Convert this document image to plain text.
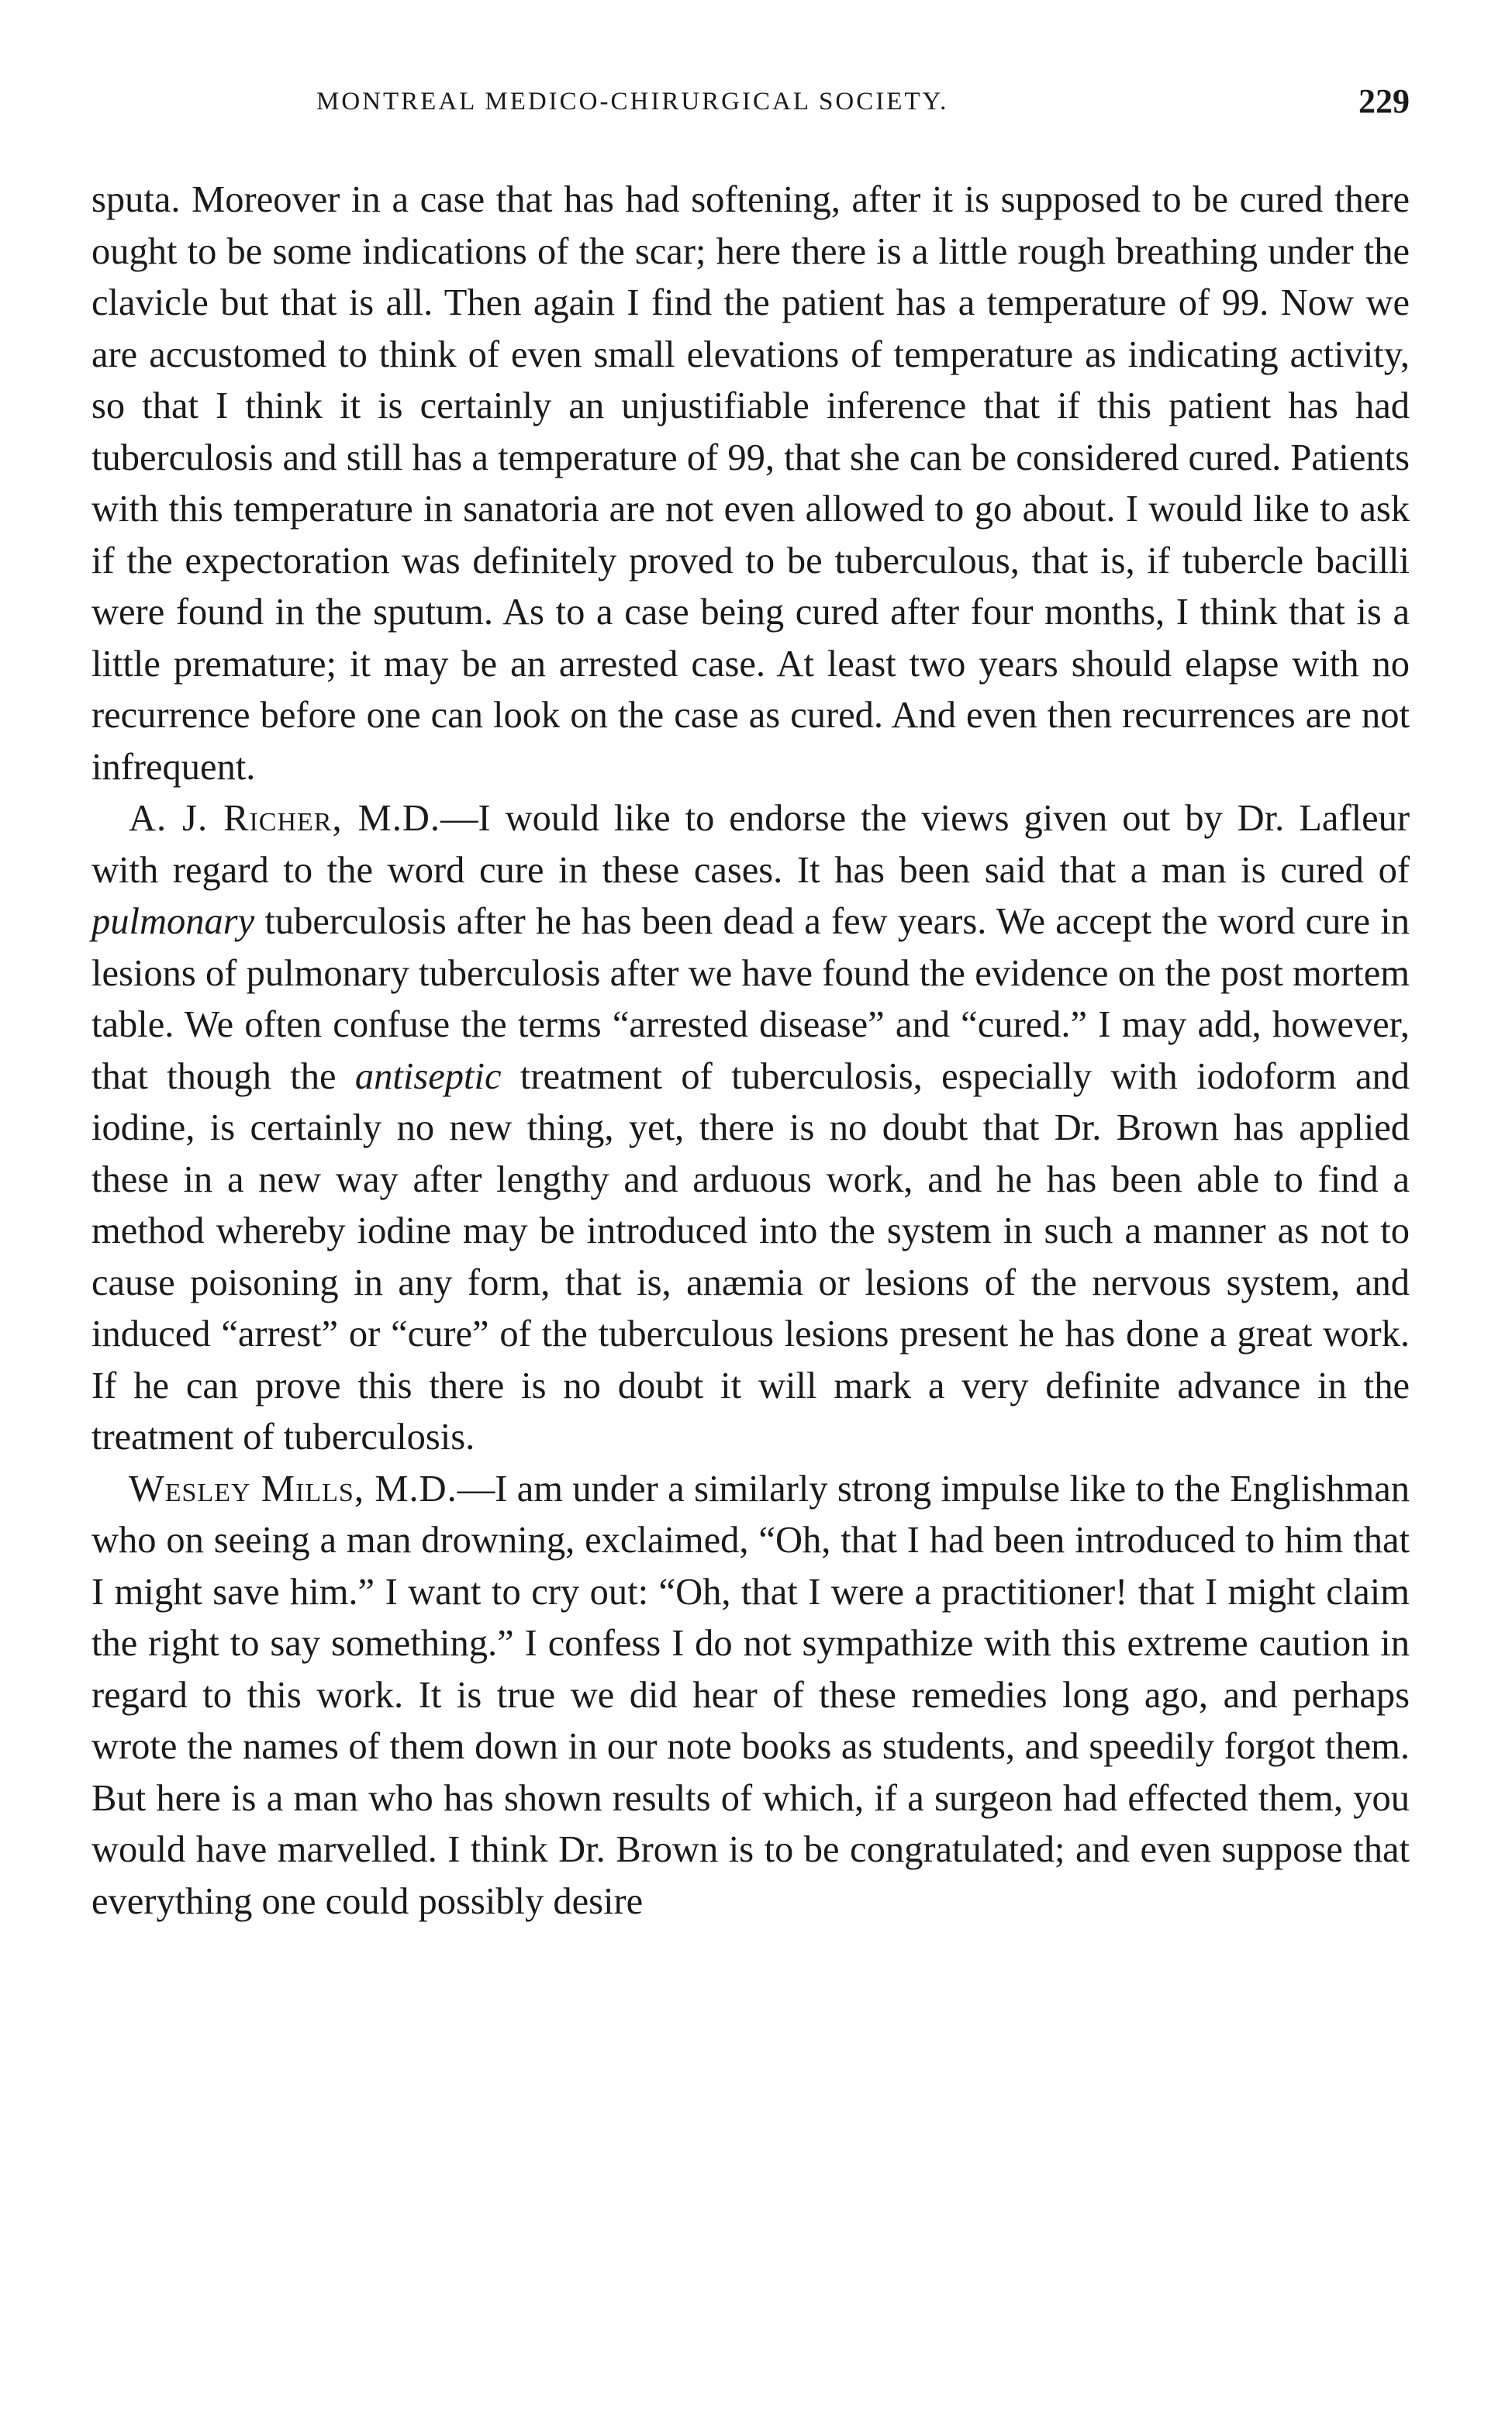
MONTREAL MEDICO-CHIRURGICAL SOCIETY.	229

sputa. Moreover in a case that has had softening, after it is supposed to be cured there ought to be some indications of the scar; here there is a little rough breathing under the clavicle but that is all. Then again I find the patient has a temperature of 99. Now we are accustomed to think of even small elevations of temperature as indicating activity, so that I think it is certainly an unjustifiable inference that if this patient has had tuberculosis and still has a temperature of 99, that she can be considered cured. Patients with this temperature in sanatoria are not even allowed to go about. I would like to ask if the expectoration was definitely proved to be tuberculous, that is, if tubercle bacilli were found in the sputum. As to a case being cured after four months, I think that is a little premature; it may be an arrested case. At least two years should elapse with no recurrence before one can look on the case as cured. And even then recurrences are not infrequent.

A. J. Richer, M.D.—I would like to endorse the views given out by Dr. Lafleur with regard to the word cure in these cases. It has been said that a man is cured of pulmonary tuberculosis after he has been dead a few years. We accept the word cure in lesions of pulmonary tuberculosis after we have found the evidence on the post mortem table. We often confuse the terms “arrested disease” and “cured.” I may add, however, that though the antiseptic treatment of tuberculosis, especially with iodoform and iodine, is certainly no new thing, yet, there is no doubt that Dr. Brown has applied these in a new way after lengthy and arduous work, and he has been able to find a method whereby iodine may be introduced into the system in such a manner as not to cause poisoning in any form, that is, anæmia or lesions of the nervous system, and induced “arrest” or “cure” of the tuberculous lesions present he has done a great work. If he can prove this there is no doubt it will mark a very definite advance in the treatment of tuberculosis.

Wesley Mills, M.D.—I am under a similarly strong impulse like to the Englishman who on seeing a man drowning, exclaimed, “Oh, that I had been introduced to him that I might save him.” I want to cry out: “Oh, that I were a practitioner! that I might claim the right to say something.” I confess I do not sympathize with this extreme caution in regard to this work. It is true we did hear of these remedies long ago, and perhaps wrote the names of them down in our note books as students, and speedily forgot them. But here is a man who has shown results of which, if a surgeon had effected them, you would have marvelled. I think Dr. Brown is to be congratulated; and even suppose that everything one could possibly desire
